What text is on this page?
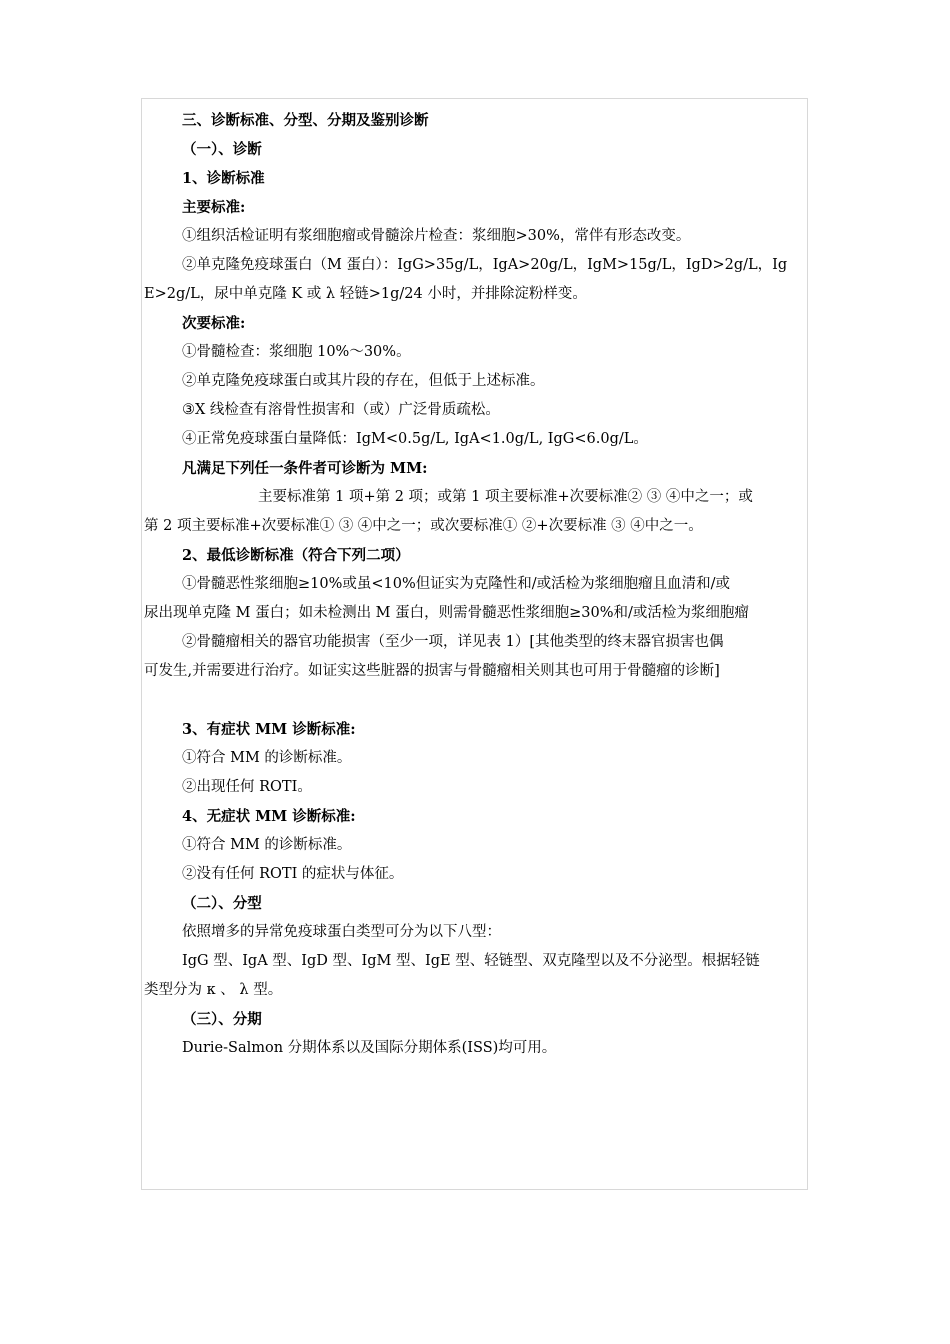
三、诊断标准、分型、分期及鉴别诊断
（一）、诊断
1、诊断标准
主要标准:
①组织活检证明有浆细胞瘤或骨髓涂片检查：浆细胞>30%，常伴有形态改变。
②单克隆免疫球蛋白（M 蛋白）：IgG>35g/L，IgA>20g/L，IgM>15g/L，IgD>2g/L，Ig
E>2g/L，尿中单克隆 K 或 λ 轻链>1g/24 小时，并排除淀粉样变。
次要标准:
①骨髓检查：浆细胞 10%～30%。
②单克隆免疫球蛋白或其片段的存在，但低于上述标准。
③X 线检查有溶骨性损害和（或）广泛骨质疏松。
④正常免疫球蛋白量降低：IgM<0.5g/L, IgA<1.0g/L, IgG<6.0g/L。
凡满足下列任一条件者可诊断为 MM:
主要标准第 1 项+第 2 项；或第 1 项主要标准+次要标准② ③ ④中之一；或
第 2 项主要标准+次要标准① ③ ④中之一；或次要标准① ②+次要标准 ③ ④中之一。
2、最低诊断标准（符合下列二项）
①骨髓恶性浆细胞≥10%或虽<10%但证实为克隆性和/或活检为浆细胞瘤且血清和/或
尿出现单克隆 M 蛋白；如未检测出 M 蛋白，则需骨髓恶性浆细胞≥30%和/或活检为浆细胞瘤
②骨髓瘤相关的器官功能损害（至少一项，详见表 1）[其他类型的终末器官损害也偶
可发生,并需要进行治疗。如证实这些脏器的损害与骨髓瘤相关则其也可用于骨髓瘤的诊断]
3、有症状 MM 诊断标准:
①符合 MM 的诊断标准。
②出现任何 ROTI。
4、无症状 MM 诊断标准:
①符合 MM 的诊断标准。
②没有任何 ROTI 的症状与体征。
（二）、分型
依照增多的异常免疫球蛋白类型可分为以下八型：
IgG 型、IgA 型、IgD 型、IgM 型、IgE 型、轻链型、双克隆型以及不分泌型。根据轻链
类型分为 κ 、 λ 型。
（三）、分期
Durie-Salmon 分期体系以及国际分期体系(ISS)均可用。
